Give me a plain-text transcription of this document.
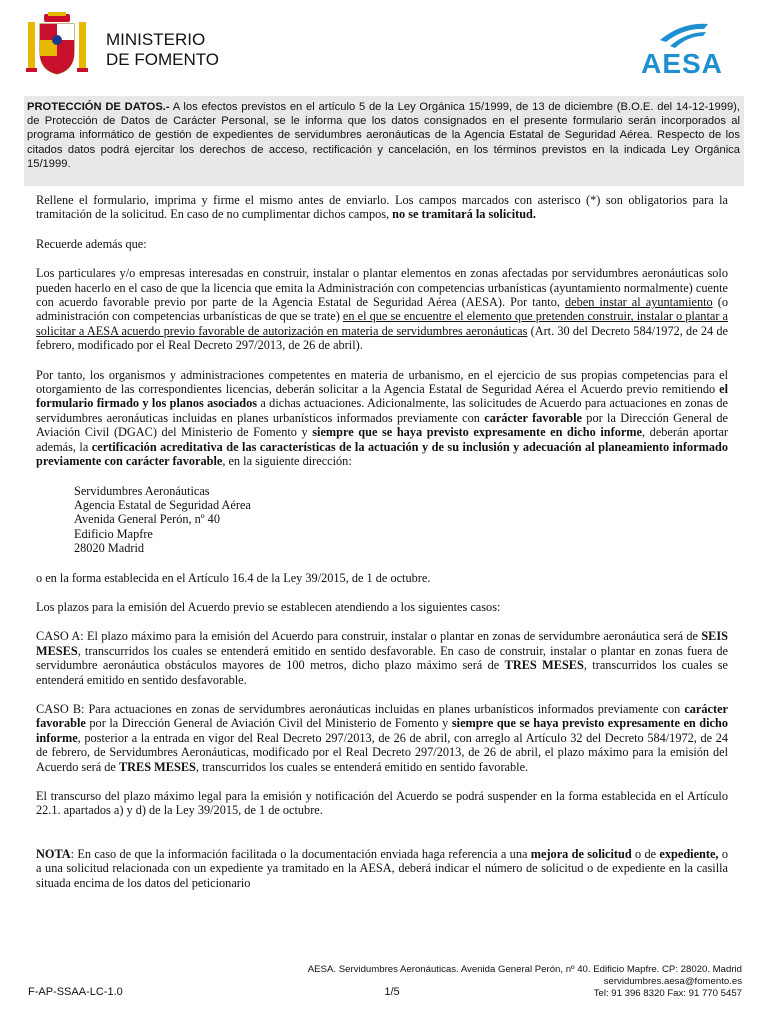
MINISTERIO
DE FOMENTO	AESA
PROTECCIÓN DE DATOS.- A los efectos previstos en el artículo 5 de la Ley Orgánica 15/1999, de 13 de diciembre (B.O.E. del 14-12-1999), de Protección de Datos de Carácter Personal, se le informa que los datos consignados en el presente formulario serán incorporados al programa informático de gestión de expedientes de servidumbres aeronáuticas de la Agencia Estatal de Seguridad Aérea. Respecto de los citados datos podrá ejercitar los derechos de acceso, rectificación y cancelación, en los términos previstos en la indicada Ley Orgánica 15/1999.

Rellene el formulario, imprima y firme el mismo antes de enviarlo. Los campos marcados con asterisco (*) son obligatorios para la tramitación de la solicitud. En caso de no cumplimentar dichos campos, no se tramitará la solicitud.

Recuerde además que:

Los particulares y/o empresas interesadas en construir, instalar o plantar elementos en zonas afectadas por servidumbres aeronáuticas solo pueden hacerlo en el caso de que la licencia que emita la Administración con competencias urbanísticas (ayuntamiento normalmente) cuente con acuerdo favorable previo por parte de la Agencia Estatal de Seguridad Aérea (AESA). Por tanto, deben instar al ayuntamiento (o administración con competencias urbanísticas de que se trate) en el que se encuentre el elemento que pretenden construir, instalar o plantar a solicitar a AESA acuerdo previo favorable de autorización en materia de servidumbres aeronáuticas (Art. 30 del Decreto 584/1972, de 24 de febrero, modificado por el Real Decreto 297/2013, de 26 de abril).

Por tanto, los organismos y administraciones competentes en materia de urbanismo, en el ejercicio de sus propias competencias para el otorgamiento de las correspondientes licencias, deberán solicitar a la Agencia Estatal de Seguridad Aérea el Acuerdo previo remitiendo el formulario firmado y los planos asociados a dichas actuaciones. Adicionalmente, las solicitudes de Acuerdo para actuaciones en zonas de servidumbres aeronáuticas incluidas en planes urbanísticos informados previamente con carácter favorable por la Dirección General de Aviación Civil (DGAC) del Ministerio de Fomento y siempre que se haya previsto expresamente en dicho informe, deberán aportar además, la certificación acreditativa de las características de la actuación y de su inclusión y adecuación al planeamiento informado previamente con carácter favorable, en la siguiente dirección:

Servidumbres Aeronáuticas
Agencia Estatal de Seguridad Aérea
Avenida General Perón, nº 40
Edificio Mapfre
28020 Madrid

o en la forma establecida en el Artículo 16.4 de la Ley 39/2015, de 1 de octubre.

Los plazos para la emisión del Acuerdo previo se establecen atendiendo a los siguientes casos:

CASO A: El plazo máximo para la emisión del Acuerdo para construir, instalar o plantar en zonas de servidumbre aeronáutica será de SEIS MESES, transcurridos los cuales se entenderá emitido en sentido desfavorable. En caso de construir, instalar o plantar en zonas fuera de servidumbre aeronáutica obstáculos mayores de 100 metros, dicho plazo máximo será de TRES MESES, transcurridos los cuales se entenderá emitido en sentido desfavorable.

CASO B: Para actuaciones en zonas de servidumbres aeronáuticas incluidas en planes urbanísticos informados previamente con carácter favorable por la Dirección General de Aviación Civil del Ministerio de Fomento y siempre que se haya previsto expresamente en dicho informe, posterior a la entrada en vigor del Real Decreto 297/2013, de 26 de abril, con arreglo al Artículo 32 del Decreto 584/1972, de 24 de febrero, de Servidumbres Aeronáuticas, modificado por el Real Decreto 297/2013, de 26 de abril, el plazo máximo para la emisión del Acuerdo será de TRES MESES, transcurridos los cuales se entenderá emitido en sentido favorable.

El transcurso del plazo máximo legal para la emisión y notificación del Acuerdo se podrá suspender en la forma establecida en el Artículo 22.1. apartados a) y d) de la Ley 39/2015, de 1 de octubre.

NOTA: En caso de que la información facilitada o la documentación enviada haga referencia a una mejora de solicitud o de expediente, o a una solicitud relacionada con un expediente ya tramitado en la AESA, deberá indicar el número de solicitud o de expediente en la casilla situada encima de los datos del peticionario

AESA. Servidumbres Aeronáuticas. Avenida General Perón, nº 40. Edificio Mapfre. CP: 28020. Madrid
servidumbres.aesa@fomento.es
Tel: 91 396 8320 Fax: 91 770 5457
F-AP-SSAA-LC-1.0	1/5
